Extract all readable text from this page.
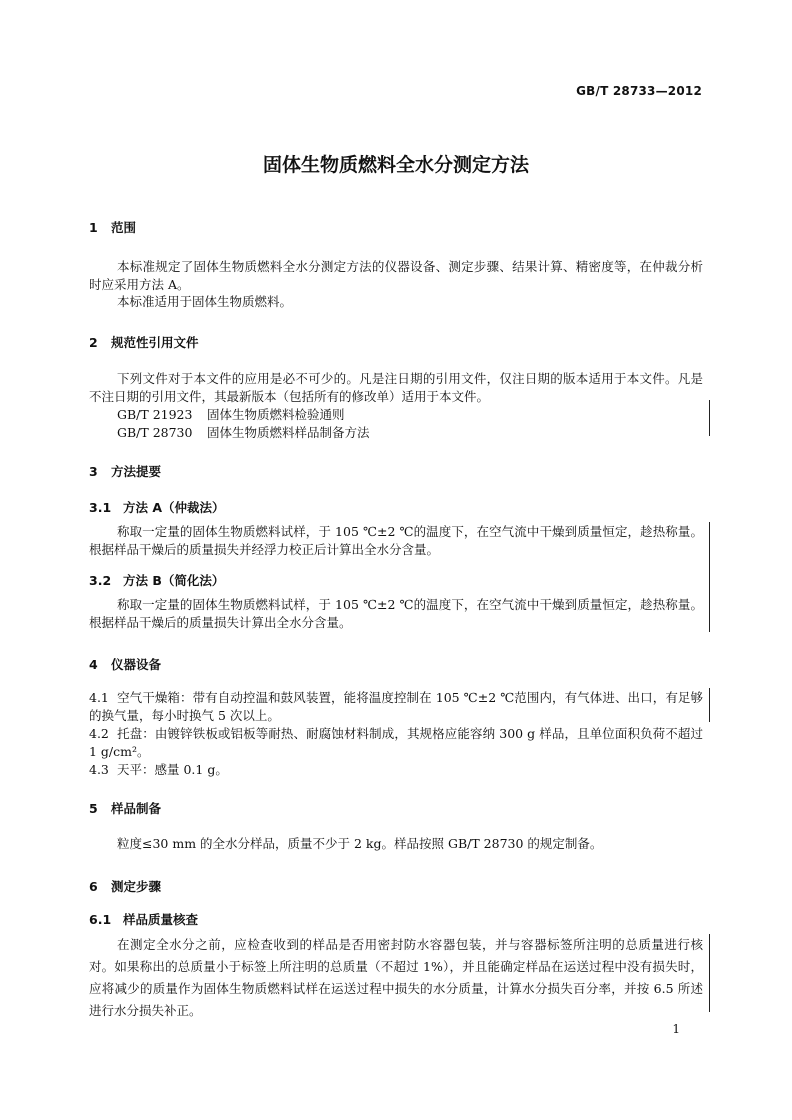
GB/T 28733—2012
固体生物质燃料全水分测定方法
1 范围
本标准规定了固体生物质燃料全水分测定方法的仪器设备、测定步骤、结果计算、精密度等，在仲裁分析时应采用方法 A。
本标准适用于固体生物质燃料。
2 规范性引用文件
下列文件对于本文件的应用是必不可少的。凡是注日期的引用文件，仅注日期的版本适用于本文件。凡是不注日期的引用文件，其最新版本（包括所有的修改单）适用于本文件。
GB/T 21923 固体生物质燃料检验通则
GB/T 28730 固体生物质燃料样品制备方法
3 方法提要
3.1 方法 A（仲裁法）
称取一定量的固体生物质燃料试样，于 105 ℃±2 ℃的温度下，在空气流中干燥到质量恒定，趁热称量。根据样品干燥后的质量损失并经浮力校正后计算出全水分含量。
3.2 方法 B（简化法）
称取一定量的固体生物质燃料试样，于 105 ℃±2 ℃的温度下，在空气流中干燥到质量恒定，趁热称量。根据样品干燥后的质量损失计算出全水分含量。
4 仪器设备
4.1 空气干燥箱：带有自动控温和鼓风装置，能将温度控制在 105 ℃±2 ℃范围内，有气体进、出口，有足够的换气量，每小时换气 5 次以上。
4.2 托盘：由镀锌铁板或铝板等耐热、耐腐蚀材料制成，其规格应能容纳 300 g 样品，且单位面积负荷不超过 1 g/cm²。
4.3 天平：感量 0.1 g。
5 样品制备
粒度≤30 mm 的全水分样品，质量不少于 2 kg。样品按照 GB/T 28730 的规定制备。
6 测定步骤
6.1 样品质量核查
在测定全水分之前，应检查收到的样品是否用密封防水容器包装，并与容器标签所注明的总质量进行核对。如果称出的总质量小于标签上所注明的总质量（不超过 1%），并且能确定样品在运送过程中没有损失时，应将减少的质量作为固体生物质燃料试样在运送过程中损失的水分质量，计算水分损失百分率，并按 6.5 所述进行水分损失补正。
1
